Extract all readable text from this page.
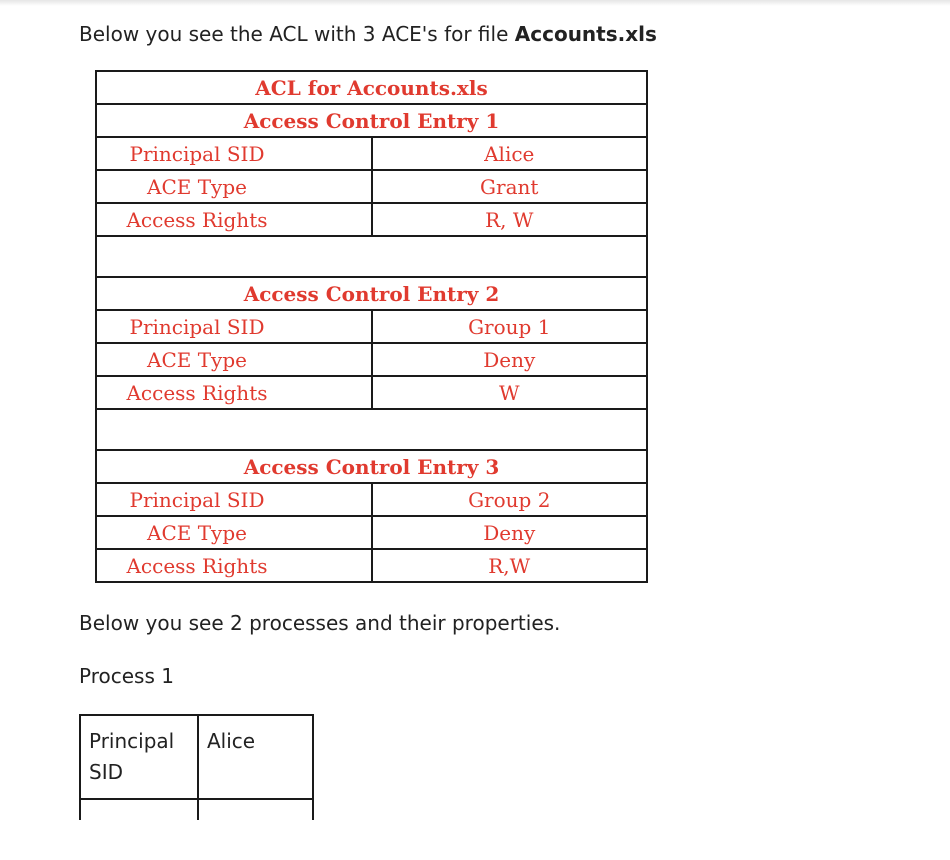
Below you see the ACL with 3 ACE's for file Accounts.xls

ACL for Accounts.xls	
Access Control Entry 1	
Principal SID	Alice
ACE Type	Grant
Access Rights	R, W

Access Control Entry 2	
Principal SID	Group 1
ACE Type	Deny
Access Rights	W

Access Control Entry 3	
Principal SID	Group 2
ACE Type	Deny
Access Rights	R,W

Below you see 2 processes and their properties.

Process 1

Principal SID	Alice
